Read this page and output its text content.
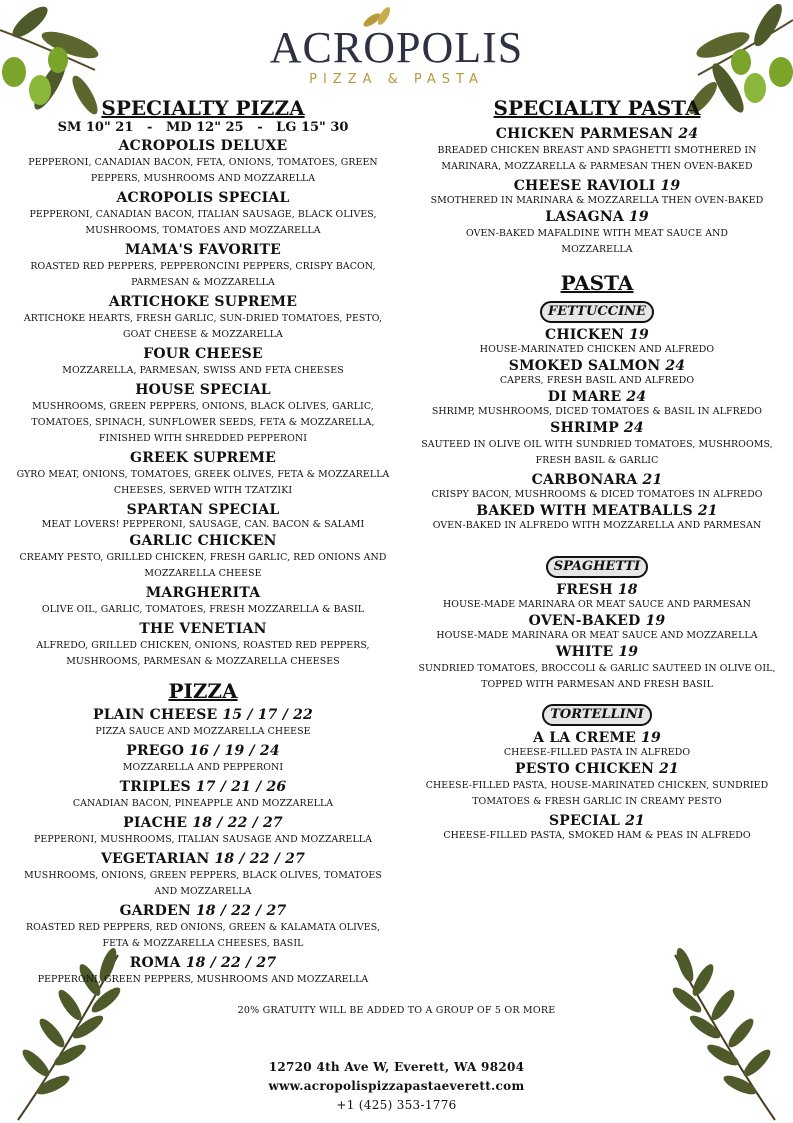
ACROPOLIS
PIZZA & PASTA
SPECIALTY PIZZA
SM 10" 21 - MD 12" 25 - LG 15" 30
ACROPOLIS DELUXE
PEPPERONI, CANADIAN BACON, FETA, ONIONS, TOMATOES, GREEN PEPPERS, MUSHROOMS AND MOZZARELLA
ACROPOLIS SPECIAL
PEPPERONI, CANADIAN BACON, ITALIAN SAUSAGE, BLACK OLIVES, MUSHROOMS, TOMATOES AND MOZZARELLA
MAMA'S FAVORITE
ROASTED RED PEPPERS, PEPPERONCINI PEPPERS, CRISPY BACON, PARMESAN & MOZZARELLA
ARTICHOKE SUPREME
ARTICHOKE HEARTS, FRESH GARLIC, SUN-DRIED TOMATOES, PESTO, GOAT CHEESE & MOZZARELLA
FOUR CHEESE
MOZZARELLA, PARMESAN, SWISS AND FETA CHEESES
HOUSE SPECIAL
MUSHROOMS, GREEN PEPPERS, ONIONS, BLACK OLIVES, GARLIC, TOMATOES, SPINACH, SUNFLOWER SEEDS, FETA & MOZZARELLA, FINISHED WITH SHREDDED PEPPERONI
GREEK SUPREME
GYRO MEAT, ONIONS, TOMATOES, GREEK OLIVES, FETA & MOZZARELLA CHEESES, SERVED WITH TZATZIKI
SPARTAN SPECIAL
MEAT LOVERS! PEPPERONI, SAUSAGE, CAN. BACON & SALAMI
GARLIC CHICKEN
CREAMY PESTO, GRILLED CHICKEN, FRESH GARLIC, RED ONIONS AND MOZZARELLA CHEESE
MARGHERITA
OLIVE OIL, GARLIC, TOMATOES, FRESH MOZZARELLA & BASIL
THE VENETIAN
ALFREDO, GRILLED CHICKEN, ONIONS, ROASTED RED PEPPERS, MUSHROOMS, PARMESAN & MOZZARELLA CHEESES
PIZZA
PLAIN CHEESE 15 / 17 / 22
PIZZA SAUCE AND MOZZARELLA CHEESE
PREGO 16 / 19 / 24
MOZZARELLA AND PEPPERONI
TRIPLES 17 / 21 / 26
CANADIAN BACON, PINEAPPLE AND MOZZARELLA
PIACHE 18 / 22 / 27
PEPPERONI, MUSHROOMS, ITALIAN SAUSAGE AND MOZZARELLA
VEGETARIAN 18 / 22 / 27
MUSHROOMS, ONIONS, GREEN PEPPERS, BLACK OLIVES, TOMATOES AND MOZZARELLA
GARDEN 18 / 22 / 27
ROASTED RED PEPPERS, RED ONIONS, GREEN & KALAMATA OLIVES, FETA & MOZZARELLA CHEESES, BASIL
ROMA 18 / 22 / 27
PEPPERONI, GREEN PEPPERS, MUSHROOMS AND MOZZARELLA
SPECIALTY PASTA
CHICKEN PARMESAN 24
BREADED CHICKEN BREAST AND SPAGHETTI SMOTHERED IN MARINARA, MOZZARELLA & PARMESAN THEN OVEN-BAKED
CHEESE RAVIOLI 19
SMOTHERED IN MARINARA & MOZZARELLA THEN OVEN-BAKED
LASAGNA 19
OVEN-BAKED MAFALDINE WITH MEAT SAUCE AND MOZZARELLA
PASTA
FETTUCCINE
CHICKEN 19
HOUSE-MARINATED CHICKEN AND ALFREDO
SMOKED SALMON 24
CAPERS, FRESH BASIL AND ALFREDO
DI MARE 24
SHRIMP, MUSHROOMS, DICED TOMATOES & BASIL IN ALFREDO
SHRIMP 24
SAUTEED IN OLIVE OIL WITH SUNDRIED TOMATOES, MUSHROOMS, FRESH BASIL & GARLIC
CARBONARA 21
CRISPY BACON, MUSHROOMS & DICED TOMATOES IN ALFREDO
BAKED WITH MEATBALLS 21
OVEN-BAKED IN ALFREDO WITH MOZZARELLA AND PARMESAN
SPAGHETTI
FRESH 18
HOUSE-MADE MARINARA OR MEAT SAUCE AND PARMESAN
OVEN-BAKED 19
HOUSE-MADE MARINARA OR MEAT SAUCE AND MOZZARELLA
WHITE 19
SUNDRIED TOMATOES, BROCCOLI & GARLIC SAUTEED IN OLIVE OIL, TOPPED WITH PARMESAN AND FRESH BASIL
TORTELLINI
A LA CREME 19
CHEESE-FILLED PASTA IN ALFREDO
PESTO CHICKEN 21
CHEESE-FILLED PASTA, HOUSE-MARINATED CHICKEN, SUNDRIED TOMATOES & FRESH GARLIC IN CREAMY PESTO
SPECIAL 21
CHEESE-FILLED PASTA, SMOKED HAM & PEAS IN ALFREDO
20% GRATUITY WILL BE ADDED TO A GROUP OF 5 OR MORE
12720 4th Ave W, Everett, WA 98204
www.acropolispizzapastaeverett.com
+1 (425) 353-1776
